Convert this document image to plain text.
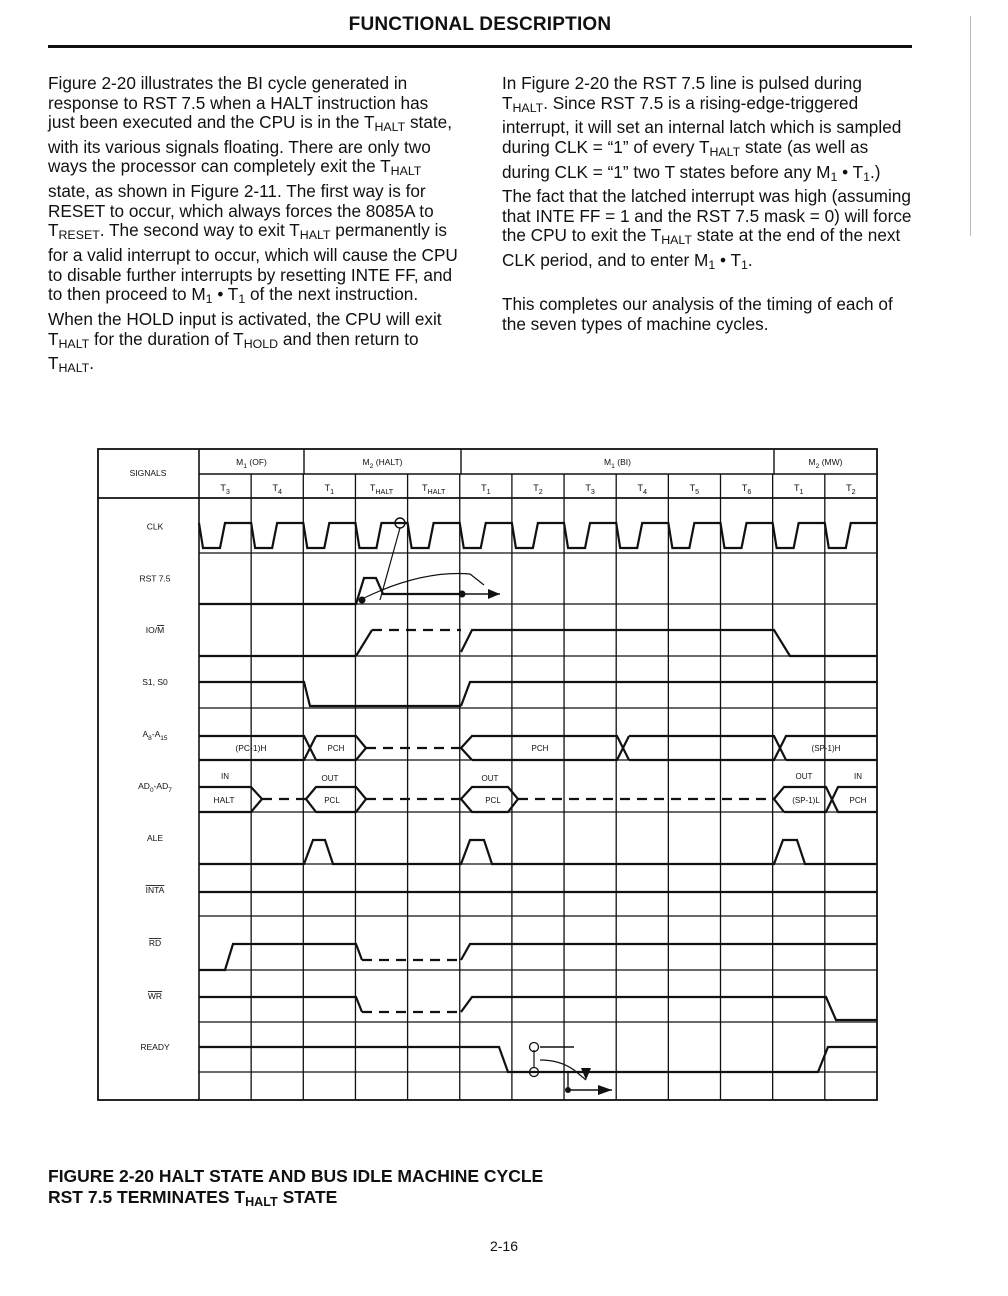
FUNCTIONAL DESCRIPTION

Figure 2-20 illustrates the BI cycle generated in response to RST 7.5 when a HALT instruction has just been executed and the CPU is in the $T_{HALT}$ state, with its various signals floating. There are only two ways the processor can completely exit the $T_{HALT}$ state, as shown in Figure 2-11. The first way is for RESET to occur, which always forces the 8085A to $T_{RESET}$. The second way to exit $T_{HALT}$ permanently is for a valid interrupt to occur, which will cause the CPU to disable further interrupts by resetting INTE FF, and to then proceed to $M_1$ • $T_1$ of the next instruction. When the HOLD input is activated, the CPU will exit $T_{HALT}$ for the duration of $T_{HOLD}$ and then return to $T_{HALT}$.

In Figure 2-20 the RST 7.5 line is pulsed during $T_{HALT}$. Since RST 7.5 is a rising-edge-triggered interrupt, it will set an internal latch which is sampled during CLK = “1” of every $T_{HALT}$ state (as well as during CLK = “1” two T states before any $M_1$ • $T_1$.) The fact that the latched interrupt was high (assuming that INTE FF = 1 and the RST 7.5 mask = 0) will force the CPU to exit the $T_{HALT}$ state at the end of the next CLK period, and to enter $M_1$ • $T_1$.

This completes our analysis of the timing of each of the seven types of machine cycles.

$M_1$ (OF)	$M_2$ (HALT)	$M_1$ (BI)	$M_2$ (MW)
$T_3$	$T_4$	$T_1$	$T_{HALT}$	$T_{HALT}$	$T_1$	$T_2$	$T_3$	$T_4$	$T_5$	$T_6$	$T_1$	$T_2$
SIGNALS
CLK
RST 7.5
IO/M
S1, S0
$A_8-A_{15}$
$AD_0-AD_7$
ALE
INTA
RD
WR
READY
(PC-1)H	PCH	PCH	(SP-1)H
HALT	PCL	PCL	(SP-1)L	PCH
IN	OUT	OUT	OUT	IN
FIGURE 2-20 HALT STATE AND BUS IDLE MACHINE CYCLE
RST 7.5 TERMINATES $T_{HALT}$ STATE
2-16
